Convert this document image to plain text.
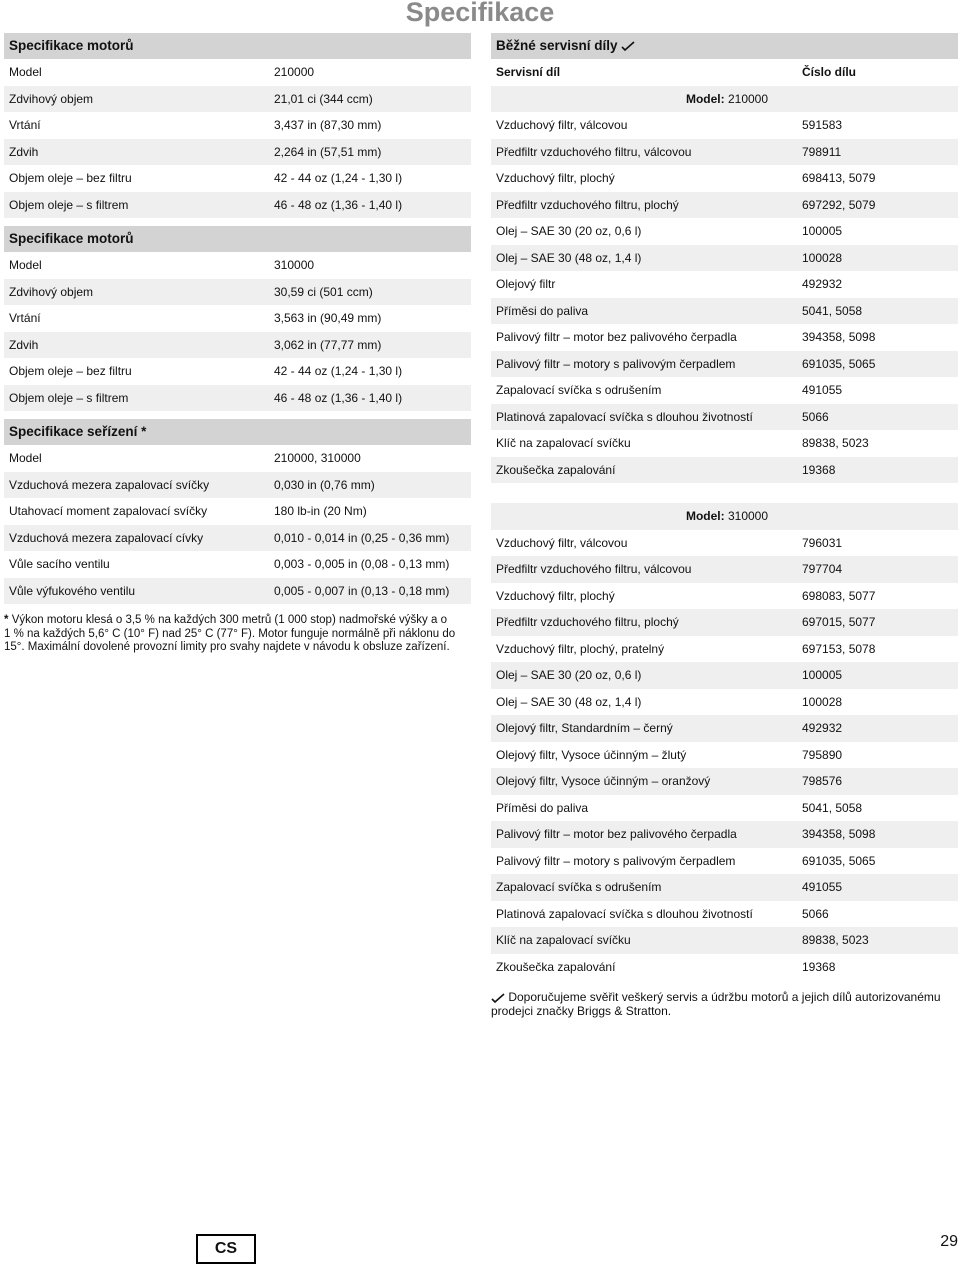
Specifikace
Specifikace motorů	
Model	210000
Zdvihový objem	21,01 ci (344 ccm)
Vrtání	3,437 in (87,30 mm)
Zdvih	2,264 in (57,51 mm)
Objem oleje – bez filtru	42 - 44 oz (1,24 - 1,30 l)
Objem oleje – s filtrem	46 - 48 oz (1,36 - 1,40 l)
Specifikace motorů	
Model	310000
Zdvihový objem	30,59 ci (501 ccm)
Vrtání	3,563 in (90,49 mm)
Zdvih	3,062 in (77,77 mm)
Objem oleje – bez filtru	42 - 44 oz (1,24 - 1,30 l)
Objem oleje – s filtrem	46 - 48 oz (1,36 - 1,40 l)
Specifikace seřízení *	
Model	210000, 310000
Vzduchová mezera zapalovací svíčky	0,030 in (0,76 mm)
Utahovací moment zapalovací svíčky	180 lb-in (20 Nm)
Vzduchová mezera zapalovací cívky	0,010 - 0,014 in (0,25 - 0,36 mm)
Vůle sacího ventilu	0,003 - 0,005 in (0,08 - 0,13 mm)
Vůle výfukového ventilu	0,005 - 0,007 in (0,13 - 0,18 mm)
* Výkon motoru klesá o 3,5 % na každých 300 metrů (1 000 stop) nadmořské výšky a o
1 % na každých 5,6° C (10° F) nad 25° C (77° F). Motor funguje normálně při náklonu do
15°. Maximální dovolené provozní limity pro svahy najdete v návodu k obsluze zařízení.
Běžné servisní díly	
Servisní díl	Číslo dílu
Model: 210000	
Vzduchový filtr, válcovou	591583
Předfiltr vzduchového filtru, válcovou	798911
Vzduchový filtr, plochý	698413, 5079
Předfiltr vzduchového filtru, plochý	697292, 5079
Olej – SAE 30 (20 oz, 0,6 l)	100005
Olej – SAE 30 (48 oz, 1,4 l)	100028
Olejový filtr	492932
Příměsi do paliva	5041, 5058
Palivový filtr – motor bez palivového čerpadla	394358, 5098
Palivový filtr – motory s palivovým čerpadlem	691035, 5065
Zapalovací svíčka s odrušením	491055
Platinová zapalovací svíčka s dlouhou životností	5066
Klíč na zapalovací svíčku	89838, 5023
Zkoušečka zapalování	19368
Model: 310000	
Vzduchový filtr, válcovou	796031
Předfiltr vzduchového filtru, válcovou	797704
Vzduchový filtr, plochý	698083, 5077
Předfiltr vzduchového filtru, plochý	697015, 5077
Vzduchový filtr, plochý, pratelný	697153, 5078
Olej – SAE 30 (20 oz, 0,6 l)	100005
Olej – SAE 30 (48 oz, 1,4 l)	100028
Olejový filtr, Standardním – černý	492932
Olejový filtr, Vysoce účinným – žlutý	795890
Olejový filtr, Vysoce účinným – oranžový	798576
Příměsi do paliva	5041, 5058
Palivový filtr – motor bez palivového čerpadla	394358, 5098
Palivový filtr – motory s palivovým čerpadlem	691035, 5065
Zapalovací svíčka s odrušením	491055
Platinová zapalovací svíčka s dlouhou životností	5066
Klíč na zapalovací svíčku	89838, 5023
Zkoušečka zapalování	19368
Doporučujeme svěřit veškerý servis a údržbu motorů a jejich dílů autorizovanému
prodejci značky Briggs & Stratton.
CS	29
